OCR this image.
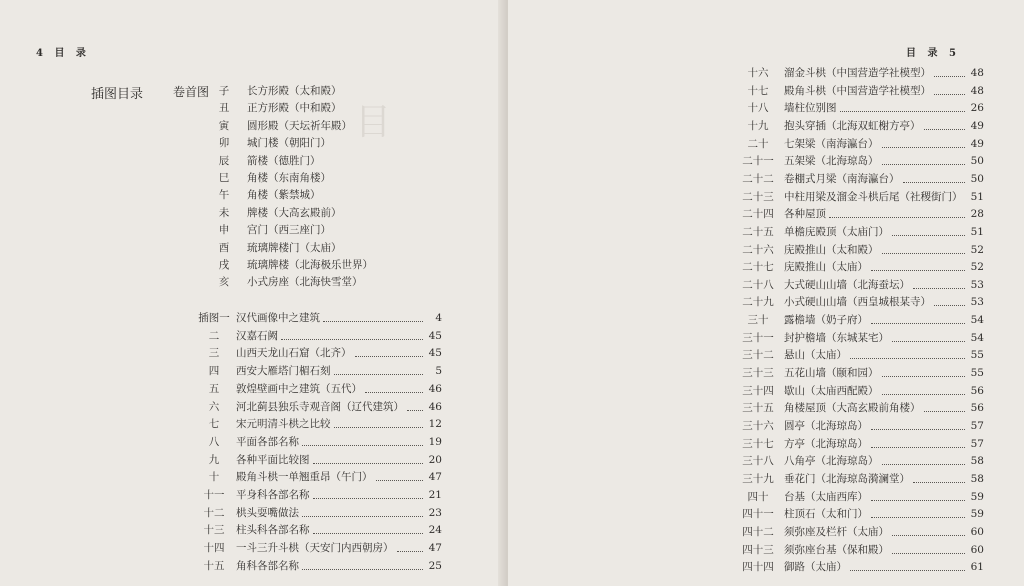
目
4 目 录
插图目录 卷首图 子 长方形殿（太和殿）
丑 正方形殿（中和殿）
寅 圆形殿（天坛祈年殿）
卯 城门楼（朝阳门）
辰 箭楼（德胜门）
巳 角楼（东南角楼）
午 角楼（紫禁城）
未 牌楼（大高玄殿前）
申 宫门（西三座门）
酉 琉璃牌楼门（太庙）
戌 琉璃牌楼（北海极乐世界）
亥 小式房座（北海快雪堂）
插图一 汉代画像中之建筑	4
二 汉嘉石阙	45
三 山西天龙山石窟（北齐）	45
四 西安大雁塔门楣石刻	5
五 敦煌壁画中之建筑（五代）	46
六 河北蓟县独乐寺观音阁（辽代建筑） 46
七 宋元明清斗栱之比较	12
八 平面各部名称	19
九 各种平面比较图	20
十 殿角斗栱一单翘重昂（午门）	47
十一 平身科各部名称	21
十二 栱头耍嘴做法	23
十三 柱头科各部名称	24
十四 一斗三升斗栱（天安门内西朝房）	47
十五 角科各部名称	25
目 录 5
十六 溜金斗栱（中国营造学社模型）	48
十七 殿角斗栱（中国营造学社模型）	48
十八 墙柱位别图	26
十九 抱头穿插（北海双虹榭方亭）	49
二十 七架梁（南海瀛台）	49
二十一 五架梁（北海琼岛）	50
二十二 卷棚式月梁（南海瀛台）	50
二十三 中柱用梁及溜金斗栱后尾（社稷街门） 51
二十四 各种屋顶	28
二十五 单檐庑殿顶（太庙门）	51
二十六 庑殿推山（太和殿）	52
二十七 庑殿推山（太庙）	52
二十八 大式硬山山墙（北海蚕坛）	53
二十九 小式硬山山墙（西皇城根某寺）	53
三十 露檐墙（奶子府）	54
三十一 封护檐墙（东城某宅）	54
三十二 悬山（太庙）	55
三十三 五花山墙（颐和园）	55
三十四 歇山（太庙西配殿）	56
三十五 角楼屋顶（大高玄殿前角楼）	56
三十六 圆亭（北海琼岛）	57
三十七 方亭（北海琼岛）	57
三十八 八角亭（北海琼岛）	58
三十九 垂花门（北海琼岛漪澜堂）	58
四十 台基（太庙西库）	59
四十一 柱顶石（太和门）	59
四十二 须弥座及栏杆（太庙）	60
四十三 须弥座台基（保和殿）	60
四十四 御路（太庙）	61
